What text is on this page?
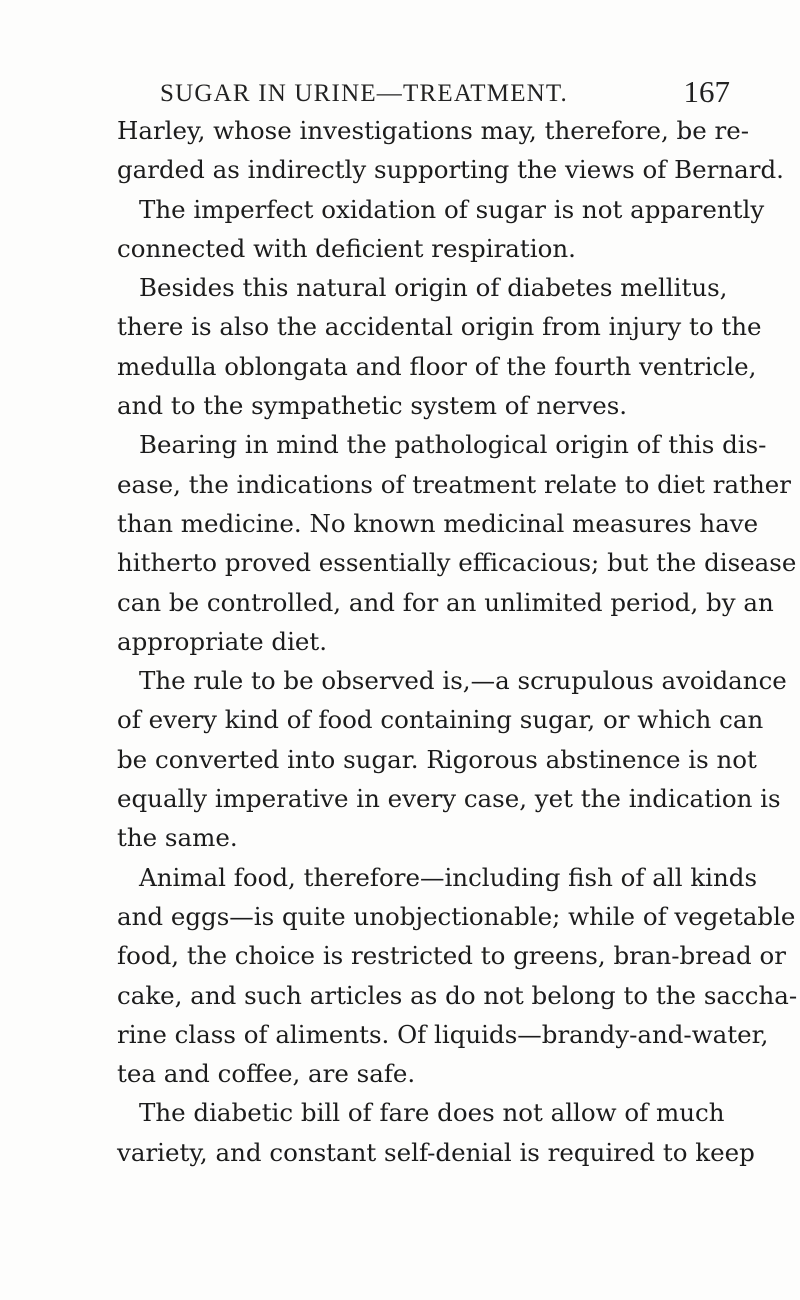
SUGAR IN URINE—TREATMENT.	167
Harley, whose investigations may, therefore, be re-
garded as indirectly supporting the views of Bernard.
The imperfect oxidation of sugar is not apparently
connected with deficient respiration.
Besides this natural origin of diabetes mellitus,
there is also the accidental origin from injury to the
medulla oblongata and floor of the fourth ventricle,
and to the sympathetic system of nerves.
Bearing in mind the pathological origin of this dis-
ease, the indications of treatment relate to diet rather
than medicine. No known medicinal measures have
hitherto proved essentially efficacious; but the disease
can be controlled, and for an unlimited period, by an
appropriate diet.
The rule to be observed is,—a scrupulous avoidance
of every kind of food containing sugar, or which can
be converted into sugar. Rigorous abstinence is not
equally imperative in every case, yet the indication is
the same.
Animal food, therefore—including fish of all kinds
and eggs—is quite unobjectionable; while of vegetable
food, the choice is restricted to greens, bran-bread or
cake, and such articles as do not belong to the saccha-
rine class of aliments. Of liquids—brandy-and-water,
tea and coffee, are safe.
The diabetic bill of fare does not allow of much
variety, and constant self-denial is required to keep
